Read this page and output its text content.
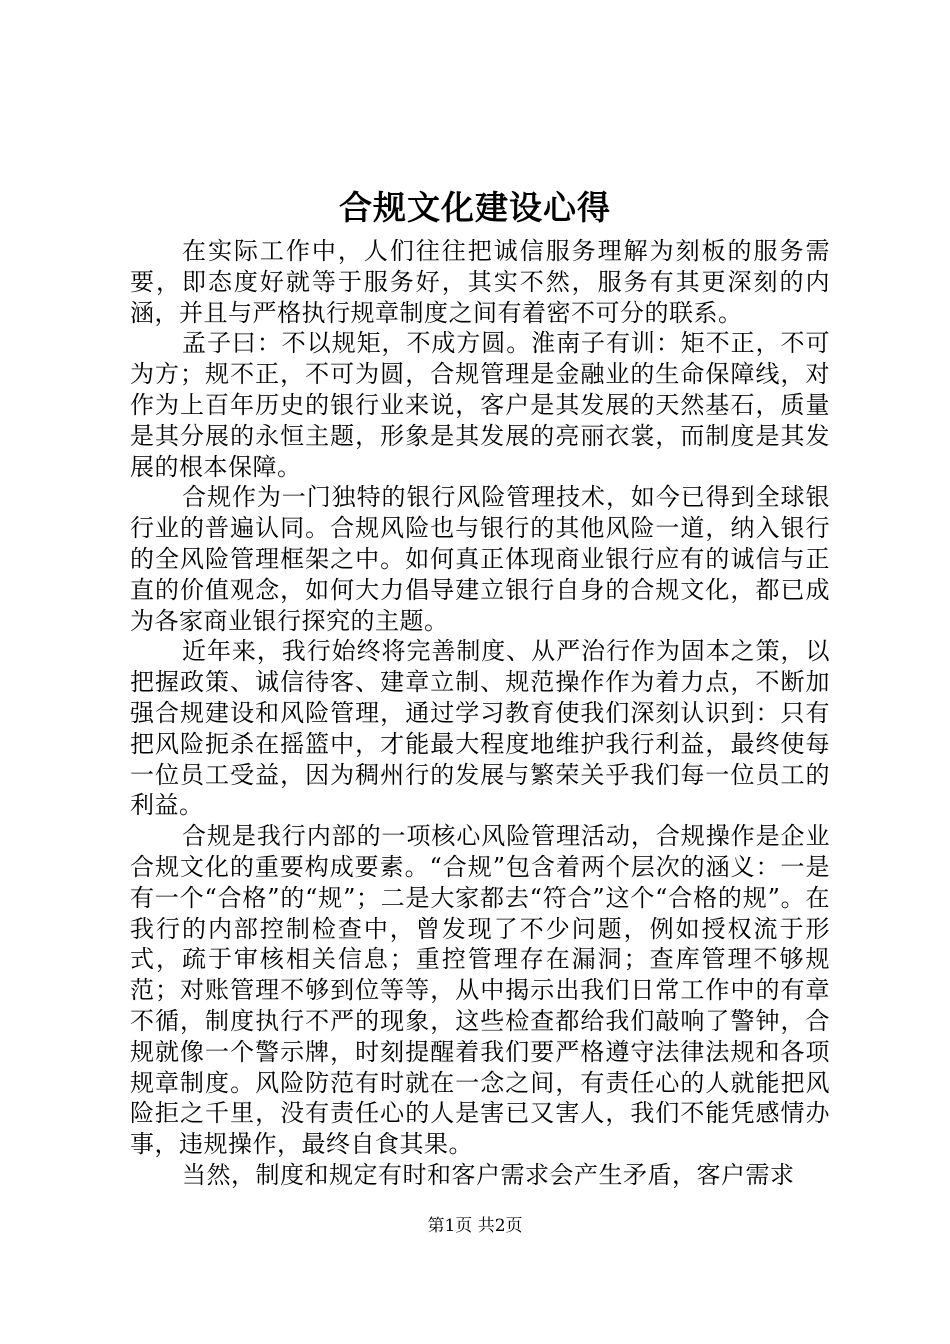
合规文化建设心得

在实际工作中，人们往往把诚信服务理解为刻板的服务需要，即态度好就等于服务好，其实不然，服务有其更深刻的内涵，并且与严格执行规章制度之间有着密不可分的联系。

孟子曰：不以规矩，不成方圆。淮南子有训：矩不正，不可为方；规不正，不可为圆，合规管理是金融业的生命保障线，对作为上百年历史的银行业来说，客户是其发展的天然基石，质量是其分展的永恒主题，形象是其发展的亮丽衣裳，而制度是其发展的根本保障。

合规作为一门独特的银行风险管理技术，如今已得到全球银行业的普遍认同。合规风险也与银行的其他风险一道，纳入银行的全风险管理框架之中。如何真正体现商业银行应有的诚信与正直的价值观念，如何大力倡导建立银行自身的合规文化，都已成为各家商业银行探究的主题。

近年来，我行始终将完善制度、从严治行作为固本之策，以把握政策、诚信待客、建章立制、规范操作作为着力点，不断加强合规建设和风险管理，通过学习教育使我们深刻认识到：只有把风险扼杀在摇篮中，才能最大程度地维护我行利益，最终使每一位员工受益，因为稠州行的发展与繁荣关乎我们每一位员工的利益。

合规是我行内部的一项核心风险管理活动，合规操作是企业合规文化的重要构成要素。“合规”包含着两个层次的涵义：一是有一个“合格”的“规”；二是大家都去“符合”这个“合格的规”。在我行的内部控制检查中，曾发现了不少问题，例如授权流于形式，疏于审核相关信息；重控管理存在漏洞；查库管理不够规范；对账管理不够到位等等，从中揭示出我们日常工作中的有章不循，制度执行不严的现象，这些检查都给我们敲响了警钟，合规就像一个警示牌，时刻提醒着我们要严格遵守法律法规和各项规章制度。风险防范有时就在一念之间，有责任心的人就能把风险拒之千里，没有责任心的人是害已又害人，我们不能凭感情办事，违规操作，最终自食其果。

当然，制度和规定有时和客户需求会产生矛盾，客户需求

第1页 共2页
